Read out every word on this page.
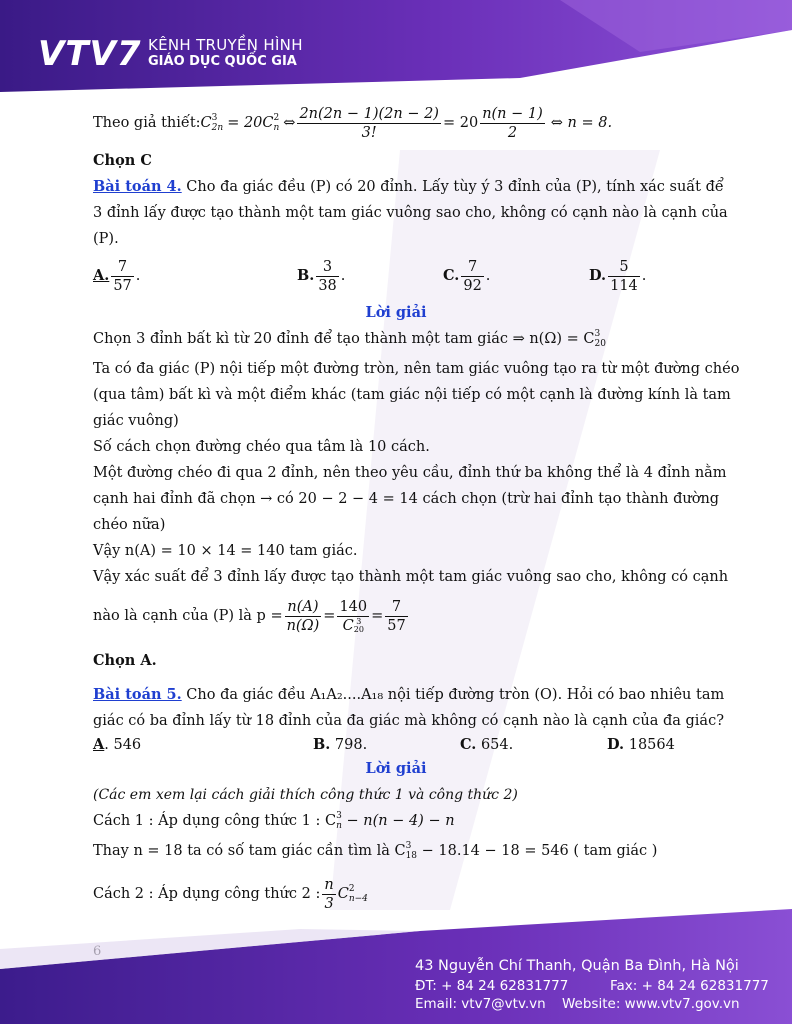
VTV7 KÊNH TRUYỀN HÌNH
GIÁO DỤC QUỐC GIA
Theo giả thiết: C 3
2n = 20C 2
n ⇔ $\frac{2n(2n - 1)(2n - 2)}{3!} = 20 \frac{n(n - 1)}{2}$ ⇔ n = 8.
Chọn C
Bài toán 4. Cho đa giác đều (P) có 20 đỉnh. Lấy tùy ý 3 đỉnh của (P), tính xác suất để
3 đỉnh lấy được tạo thành một tam giác vuông sao cho, không có cạnh nào là cạnh của
(P).
A. $\frac{7}{57}$ .	B. $\frac{3}{38}$ .	C. $\frac{7}{92}$ .	D. $\frac{5}{114}$ .
Lời giải
Chọn 3 đỉnh bất kì từ 20 đỉnh để tạo thành một tam giác ⇒ n(Ω) = C 3
20
Ta có đa giác (P) nội tiếp một đường tròn, nên tam giác vuông tạo ra từ một đường chéo
(qua tâm) bất kì và một điểm khác (tam giác nội tiếp có một cạnh là đường kính là tam
giác vuông)
Số cách chọn đường chéo qua tâm là 10 cách.
Một đường chéo đi qua 2 đỉnh, nên theo yêu cầu, đỉnh thứ ba không thể là 4 đỉnh nằm
cạnh hai đỉnh đã chọn → có 20 − 2 − 4 = 14 cách chọn (trừ hai đỉnh tạo thành đường
chéo nữa)
Vậy n(A) = 10 × 14 = 140 tam giác.
Vậy xác suất để 3 đỉnh lấy được tạo thành một tam giác vuông sao cho, không có cạnh
nào là cạnh của (P) là $p = \frac{n(A)}{n(\Omega)} = 140$
C 3
$20 = \frac{7}{57}$
Chọn A.
Bài toán 5. Cho đa giác đều A₁A₂....A₁₈ nội tiếp đường tròn (O). Hỏi có bao nhiêu tam
giác có ba đỉnh lấy từ 18 đỉnh của đa giác mà không có cạnh nào là cạnh của đa giác?
A. 546	B. 798.	C. 654.	D. 18564
Lời giải
(Các em xem lại cách giải thích công thức 1 và công thức 2)
Cách 1 : Áp dụng công thức 1 : C 3
n − n(n − 4) − n
Thay n = 18 ta có số tam giác cần tìm là C 3
18 − 18.14 − 18 = 546 ( tam giác )
Cách 2 : Áp dụng công thức 2 : $\frac{n}{3}$ C 2
n−4
43 Nguyễn Chí Thanh, Quận Ba Đình, Hà Nội
ĐT: + 84 24 62831777	Fax: + 84 24 62831777
Email: vtv7@vtv.vn Website: www.vtv7.gov.vn
